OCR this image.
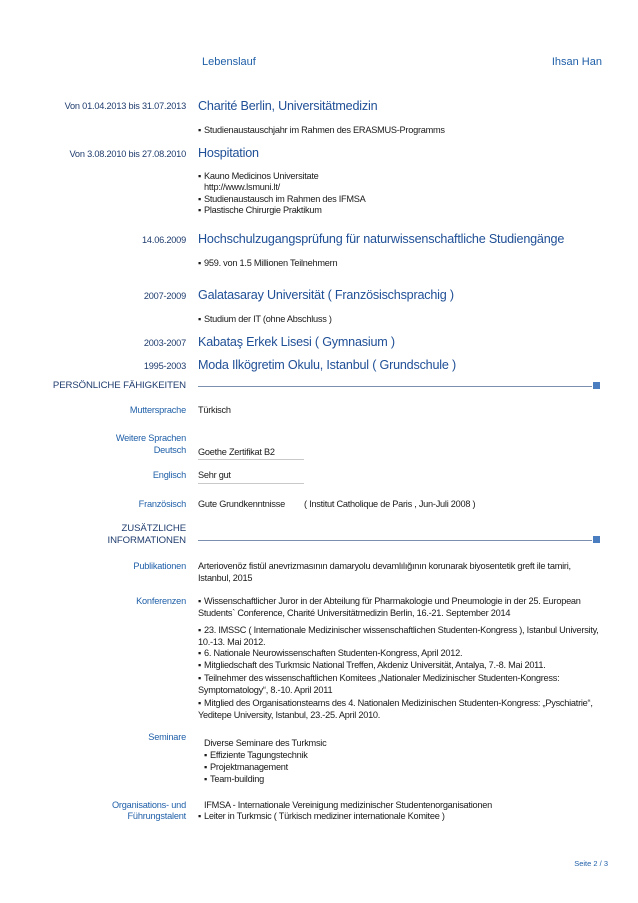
Lebenslauf	Ihsan Han
Von 01.04.2013 bis 31.07.2013 Charité Berlin, Universitätmedizin
▪ Studienaustauschjahr im Rahmen des ERASMUS-Programms
Von 3.08.2010 bis 27.08.2010 Hospitation
▪ Kauno Medicinos Universitate
http://www.lsmuni.lt/
▪ Studienaustausch im Rahmen des IFMSA
▪ Plastische Chirurgie Praktikum
14.06.2009 Hochschulzugangsprüfung für naturwissenschaftliche Studiengänge
▪ 959. von 1.5 Millionen Teilnehmern
2007-2009 Galatasaray Universität ( Französischsprachig )
▪ Studium der IT (ohne Abschluss )
2003-2007 Kabataş Erkek Lisesi ( Gymnasium )
1995-2003 Moda Ilkögretim Okulu, Istanbul ( Grundschule )
PERSÖNLICHE FÄHIGKEITEN
Muttersprache Türkisch
Weitere Sprachen
Deutsch Goethe Zertifikat B2
Englisch Sehr gut
Französisch Gute Grundkenntnisse ( Institut Catholique de Paris , Jun-Juli 2008 )
ZUSÄTZLICHE
INFORMATIONEN
Publikationen Arteriovenöz fistül anevrizmasının damaryolu devamlılığının korunarak biyosentetik greft ile tamiri, Istanbul, 2015
Konferenzen ▪ Wissenschaftlicher Juror in der Abteilung für Pharmakologie und Pneumologie in der 25. European Students` Conference, Charité Universitätmedizin Berlin, 16.-21. September 2014
▪ 23. IMSSC ( Internationale Medizinischer wissenschaftlichen Studenten-Kongress ), Istanbul University, 10.-13. Mai 2012.
▪ 6. Nationale Neurowissenschaften Studenten-Kongress, April 2012.
▪ Mitgliedschaft des Turkmsic National Treffen, Akdeniz Universität, Antalya, 7.-8. Mai 2011.
▪ Teilnehmer des wissenschaftlichen Komitees „Nationaler Medizinischer Studenten-Kongress: Symptomatology“, 8.-10. April 2011
▪ Mitglied des Organisationsteams des 4. Nationalen Medizinischen Studenten-Kongress: „Pyschiatrie“, Yeditepe University, Istanbul, 23.-25. April 2010.
Seminare
Diverse Seminare des Turkmsic
▪ Effiziente Tagungstechnik
▪ Projektmanagement
▪ Team-building
Organisations- und
Führungstalent
IFMSA - Internationale Vereinigung medizinischer Studentenorganisationen
▪ Leiter in Turkmsic ( Türkisch mediziner internationale Komitee )
Seite 2 / 3
